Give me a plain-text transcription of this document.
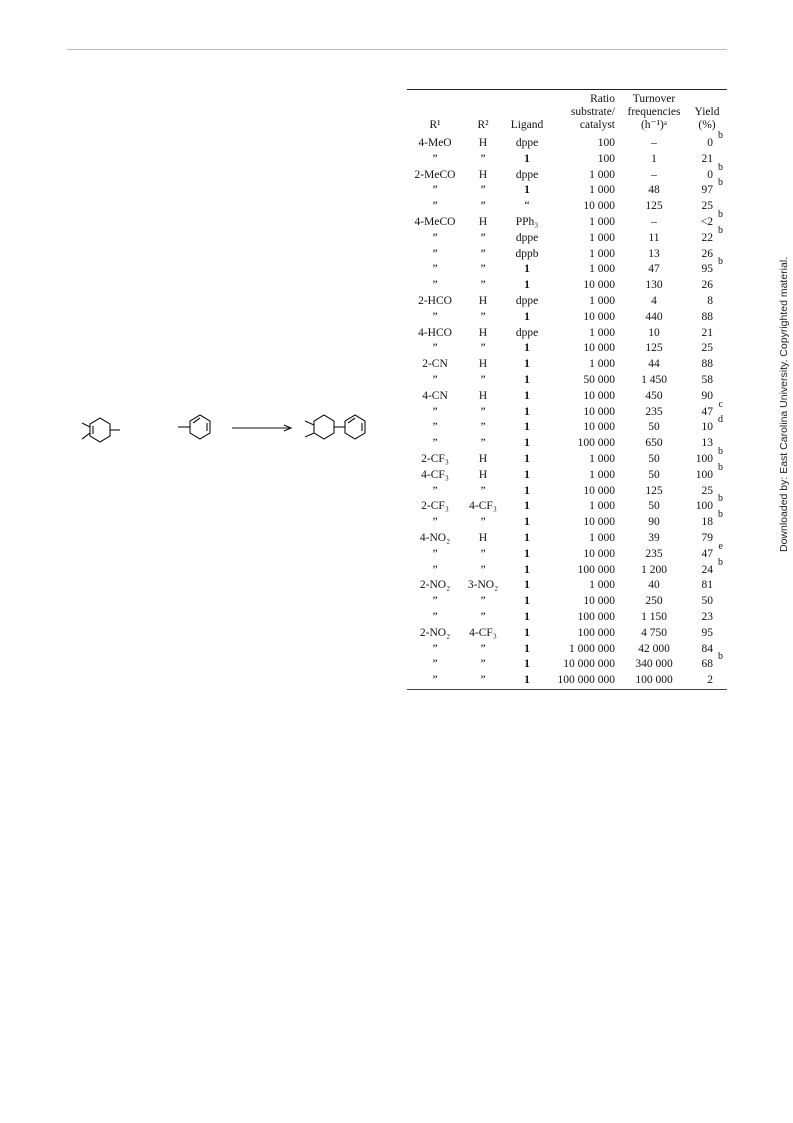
R¹	R²	Ligand	Ratio substrate/ catalyst	Turnover frequencies (h⁻¹)ᵃ	Yield (%)
4-MeO	H	dppe	100	–	0
b

”	”	1	100	1	21
2-MeCO	H	dppe	1 000	–	0
b

”	”	1	1 000	48	97
b

”	”	“	10 000	125	25
4-MeCO	H	PPh₃	1 000	–	<2
b

”	”	dppe	1 000	11	22
b

”	”	dppb	1 000	13	26
”	”	1	1 000	47	95
b

”	”	1	10 000	130	26
2-HCO	H	dppe	1 000	4	8
”	”	1	10 000	440	88
4-HCO	H	dppe	1 000	10	21
”	”	1	10 000	125	25
2-CN	H	1	1 000	44	88
”	”	1	50 000	1 450	58
4-CN	H	1	10 000	450	90
”	”	1	10 000	235	47
c

”	”	1	10 000	50	10
d

”	”	1	100 000	650	13
2-CF₃	H	1	1 000	50	100
b

4-CF₃	H	1	1 000	50	100
b

”	”	1	10 000	125	25
2-CF₃	4-CF₃	1	1 000	50	100
b

”	”	1	10 000	90	18
b

4-NO₂	H	1	1 000	39	79
”	”	1	10 000	235	47
e

”	”	1	100 000	1 200	24
b

2-NO₂	3-NO₂	1	1 000	40	81
”	”	1	10 000	250	50
”	”	1	100 000	1 150	23
2-NO₂	4-CF₃	1	100 000	4 750	95
”	”	1	1 000 000	42 000	84
”	”	1	10 000 000	340 000	68
b

”	”	1	100 000 000	100 000	2
Downloaded by: East Carolina University. Copyrighted material.
